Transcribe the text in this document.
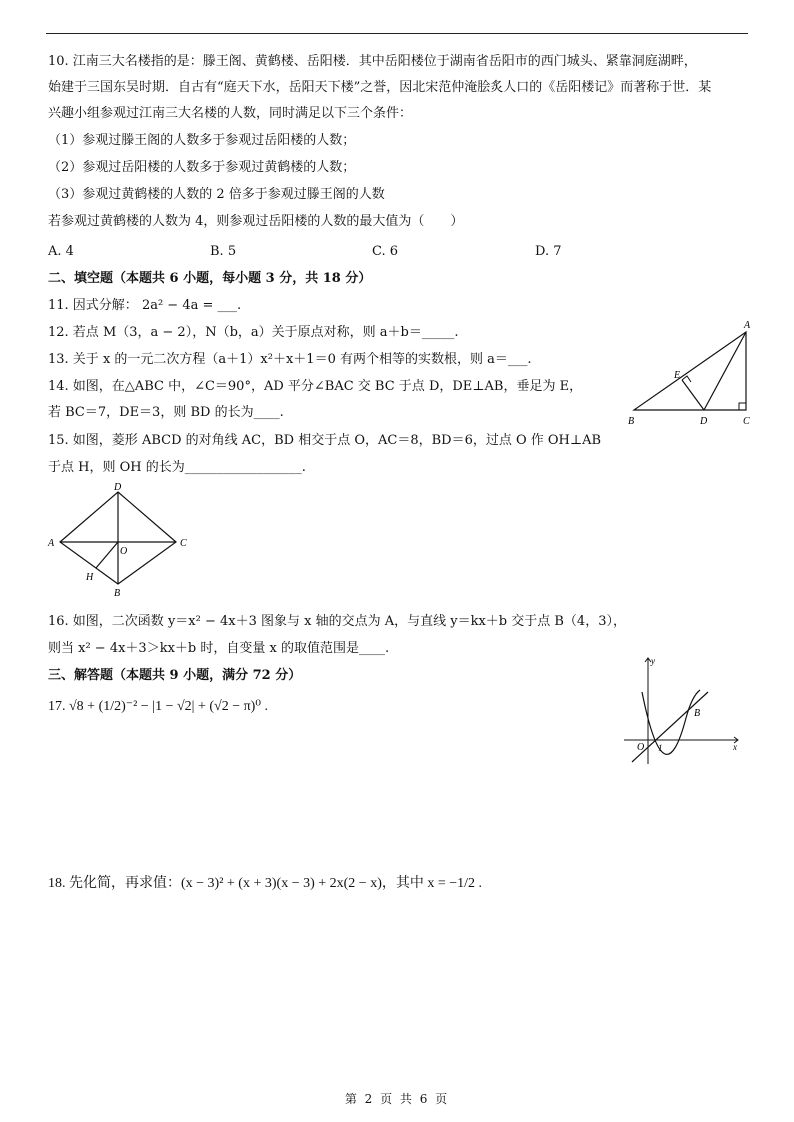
10. 江南三大名楼指的是：滕王阁、黄鹤楼、岳阳楼．其中岳阳楼位于湖南省岳阳市的西门城头、紧靠洞庭湖畔，
始建于三国东吴时期．自古有“庭天下水，岳阳天下楼”之誉，因北宋范仲淹脍炙人口的《岳阳楼记》而著称于世．某
兴趣小组参观过江南三大名楼的人数，同时满足以下三个条件：
（1）参观过滕王阁的人数多于参观过岳阳楼的人数；
（2）参观过岳阳楼的人数多于参观过黄鹤楼的人数；
（3）参观过黄鹤楼的人数的 2 倍多于参观过滕王阁的人数
若参观过黄鹤楼的人数为 4，则参观过岳阳楼的人数的最大值为（　　）
A. 4	B. 5	C. 6	D. 7
二、填空题（本题共 6 小题，每小题 3 分，共 18 分）
11. 因式分解： 2a² − 4a = ___.
12. 若点 M（3，a − 2），N（b，a）关于原点对称，则 a＋b＝_____.
13. 关于 x 的一元二次方程（a＋1）x²＋x＋1＝0 有两个相等的实数根，则 a＝___.
14. 如图，在△ABC 中，∠C＝90°，AD 平分∠BAC 交 BC 于点 D，DE⊥AB，垂足为 E，
若 BC＝7，DE＝3，则 BD 的长为____.
15. 如图，菱形 ABCD 的对角线 AC，BD 相交于点 O，AC＝8，BD＝6，过点 O 作 OH⊥AB
于点 H，则 OH 的长为__________________.
A
B	C
D
E
D
A	C
O
H
B
16. 如图，二次函数 y＝x² − 4x＋3 图象与 x 轴的交点为 A，与直线 y＝kx＋b 交于点 B（4，3），
则当 x² − 4x＋3＞kx＋b 时，自变量 x 的取值范围是____.
三、解答题（本题共 9 小题，满分 72 分）
17. √8 + (1/2)⁻² − |1 − √2| + (√2 − π)⁰ .
y
x
O 1
B
18. 先化简，再求值：(x − 3)² + (x + 3)(x − 3) + 2x(2 − x)，其中 x = −1/2 .
第 2 页 共 6 页
